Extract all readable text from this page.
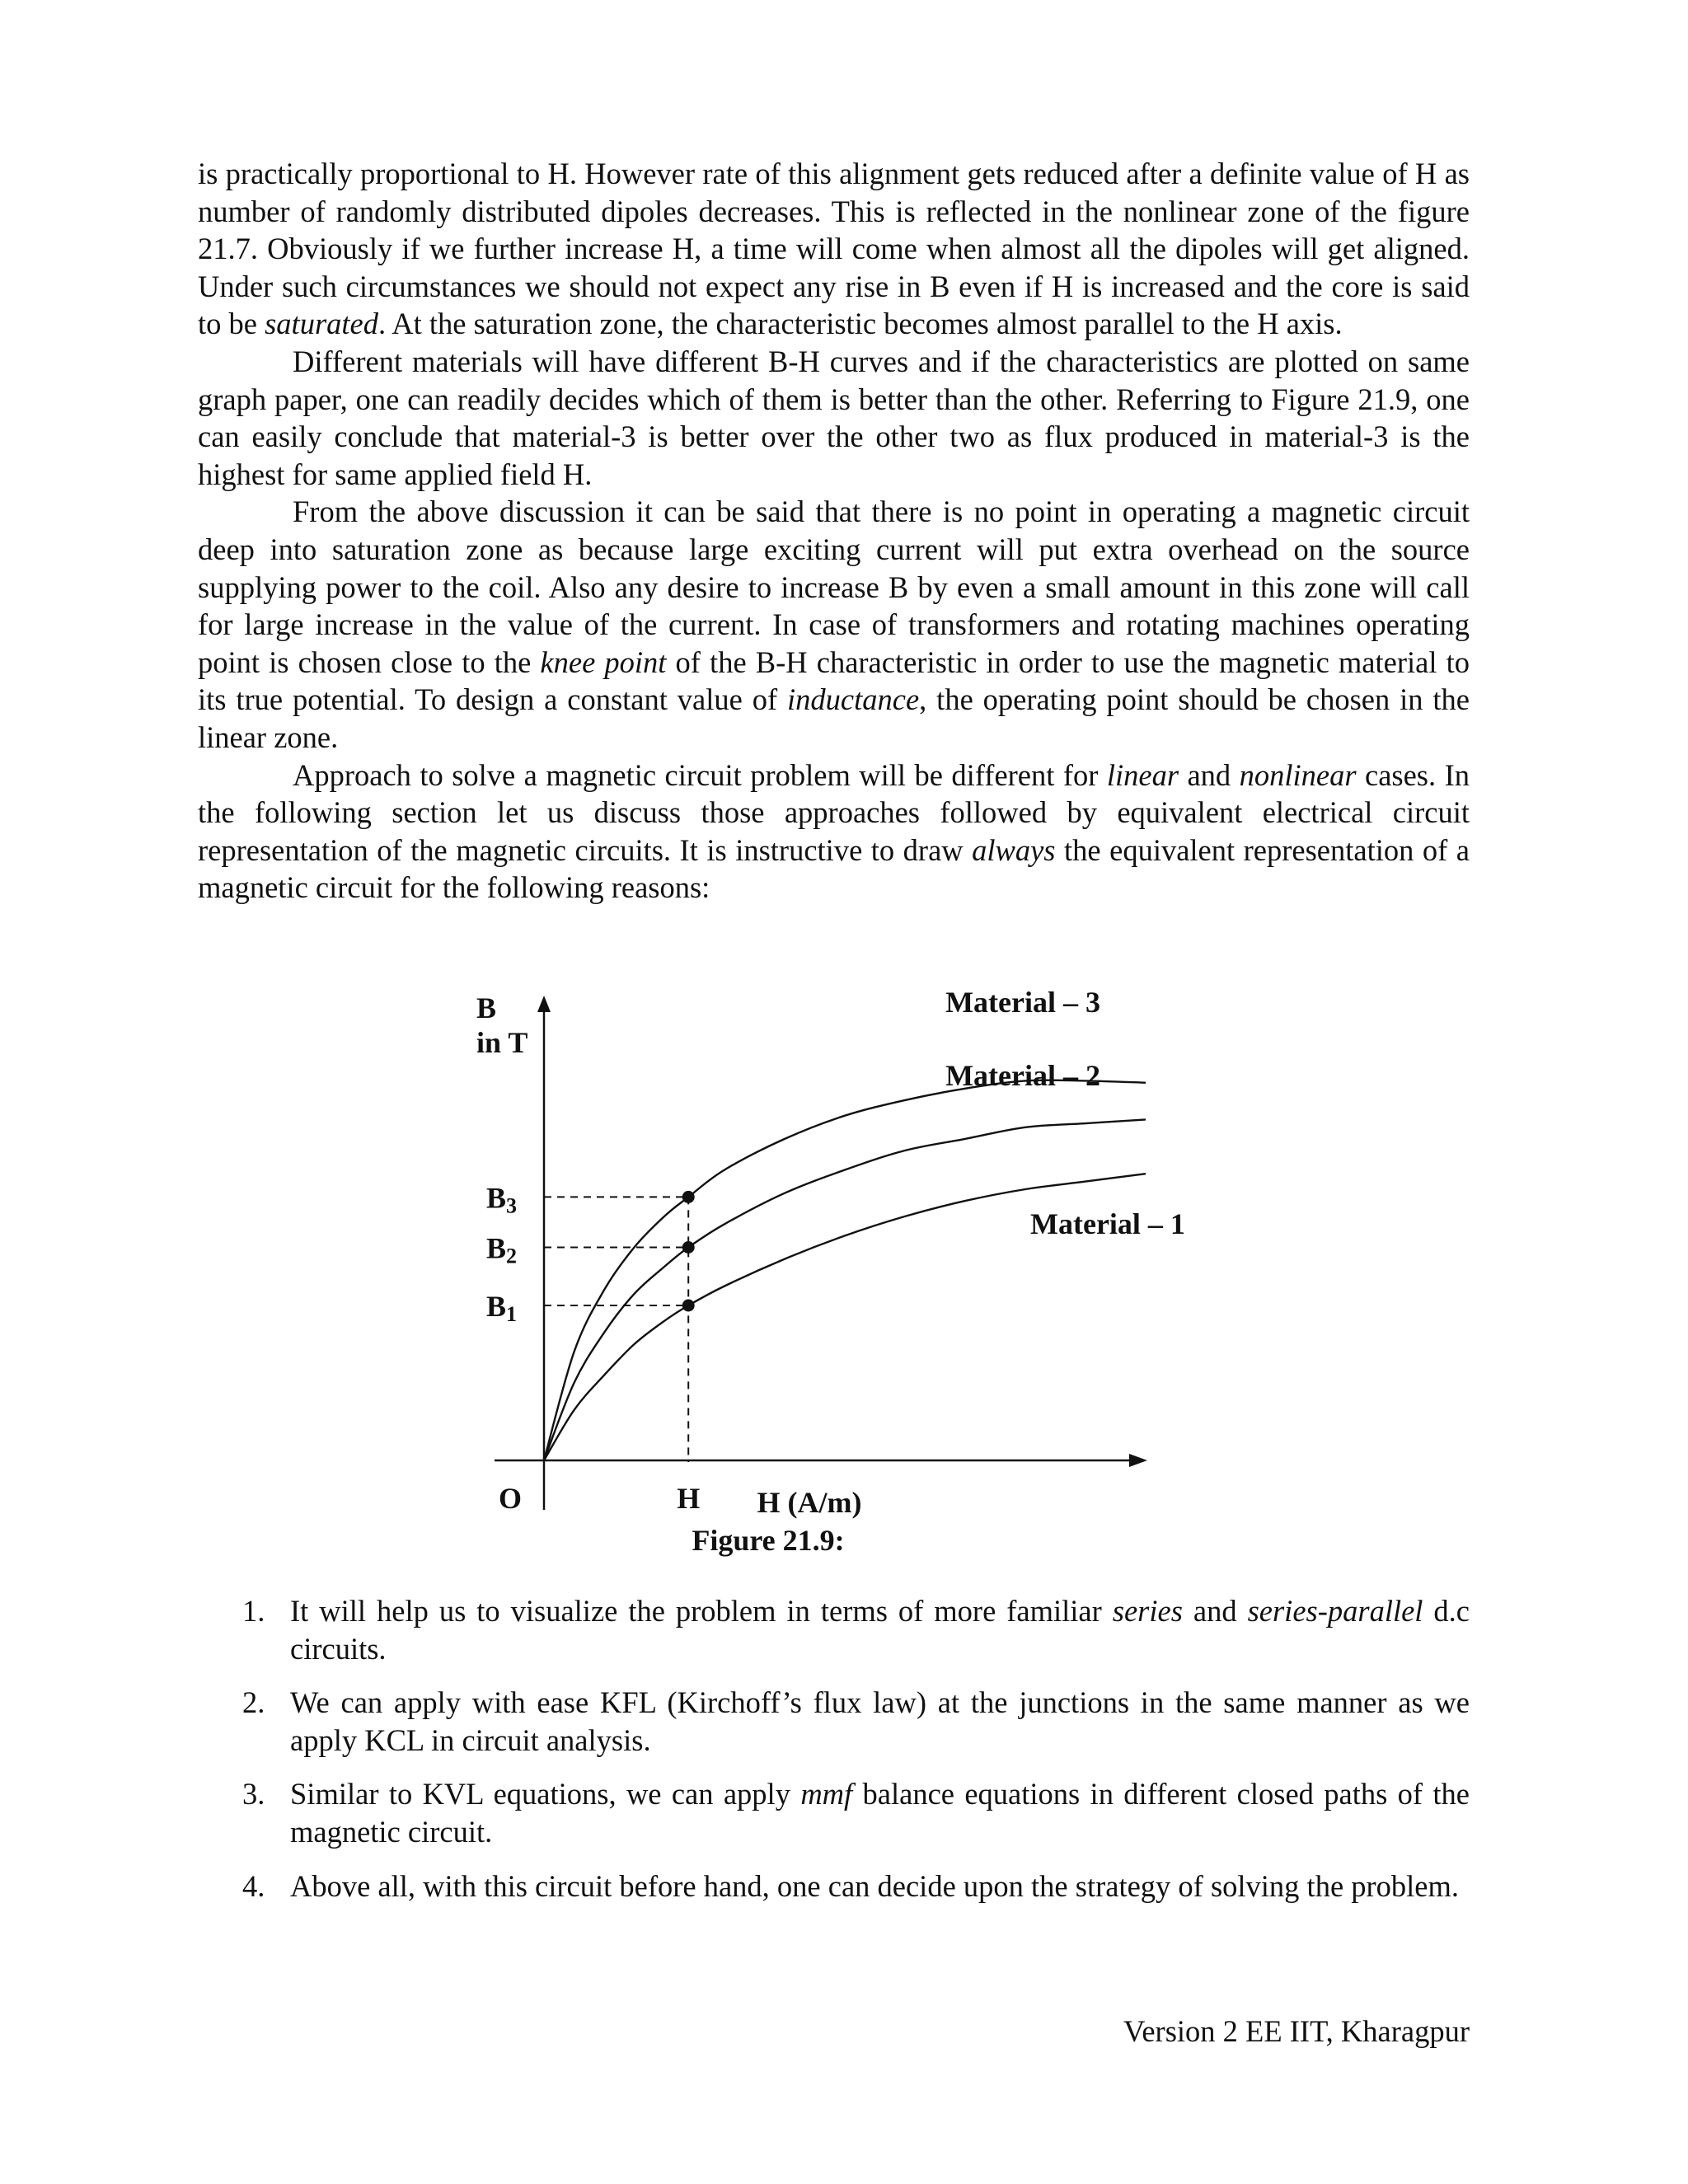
is practically proportional to H. However rate of this alignment gets reduced after a definite value of H as number of randomly distributed dipoles decreases. This is reflected in the nonlinear zone of the figure 21.7. Obviously if we further increase H, a time will come when almost all the dipoles will get aligned. Under such circumstances we should not expect any rise in B even if H is increased and the core is said to be saturated. At the saturation zone, the characteristic becomes almost parallel to the H axis.

Different materials will have different B-H curves and if the characteristics are plotted on same graph paper, one can readily decides which of them is better than the other. Referring to Figure 21.9, one can easily conclude that material-3 is better over the other two as flux produced in material-3 is the highest for same applied field H.

From the above discussion it can be said that there is no point in operating a magnetic circuit deep into saturation zone as because large exciting current will put extra overhead on the source supplying power to the coil. Also any desire to increase B by even a small amount in this zone will call for large increase in the value of the current. In case of transformers and rotating machines operating point is chosen close to the knee point of the B-H characteristic in order to use the magnetic material to its true potential. To design a constant value of inductance, the operating point should be chosen in the linear zone.

Approach to solve a magnetic circuit problem will be different for linear and nonlinear cases. In the following section let us discuss those approaches followed by equivalent electrical circuit representation of the magnetic circuits. It is instructive to draw always the equivalent representation of a magnetic circuit for the following reasons:

B3
Material – 3
B2
Material – 2
B1
Material – 1
B
in T
O	H H (A/m)
Figure 21.9:
1. It will help us to visualize the problem in terms of more familiar series and series-parallel d.c circuits.
2. We can apply with ease KFL (Kirchoff’s flux law) at the junctions in the same manner as we apply KCL in circuit analysis.
3. Similar to KVL equations, we can apply mmf balance equations in different closed paths of the magnetic circuit.
4. Above all, with this circuit before hand, one can decide upon the strategy of solving the problem.
Version 2 EE IIT, Kharagpur
